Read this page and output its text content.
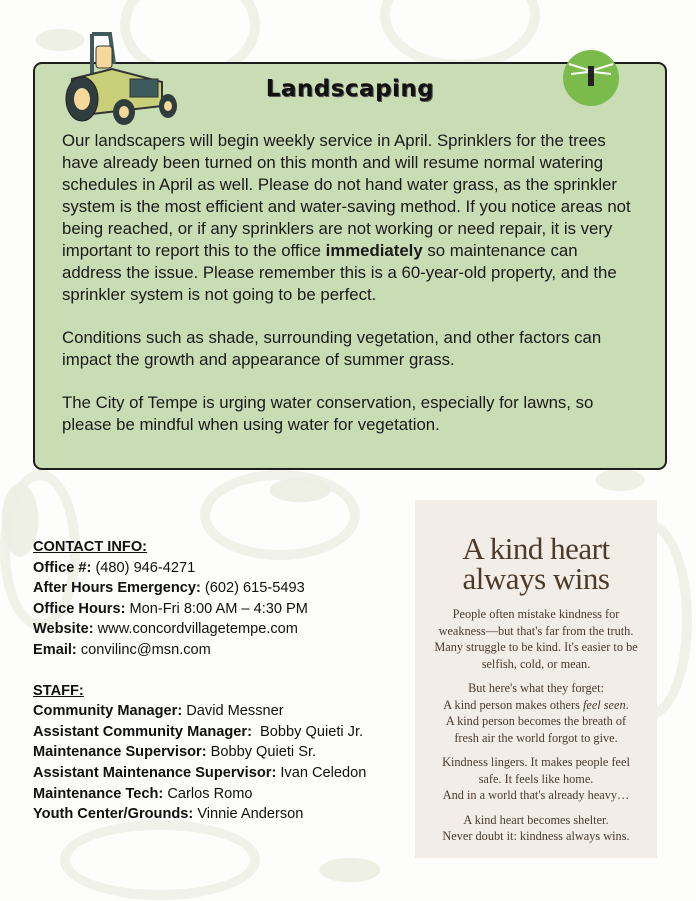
Landscaping

Our landscapers will begin weekly service in April. Sprinklers for the trees have already been turned on this month and will resume normal watering schedules in April as well. Please do not hand water grass, as the sprinkler system is the most efficient and water-saving method. If you notice areas not being reached, or if any sprinklers are not working or need repair, it is very important to report this to the office immediately so maintenance can address the issue. Please remember this is a 60-year-old property, and the sprinkler system is not going to be perfect.

Conditions such as shade, surrounding vegetation, and other factors can impact the growth and appearance of summer grass.

The City of Tempe is urging water conservation, especially for lawns, so please be mindful when using water for vegetation.

CONTACT INFO:
Office #: (480) 946-4271
After Hours Emergency: (602) 615-5493
Office Hours: Mon-Fri 8:00 AM – 4:30 PM
Website: www.concordvillagetempe.com
Email: convilinc@msn.com
STAFF:
Community Manager: David Messner
Assistant Community Manager:  Bobby Quieti Jr.
Maintenance Supervisor: Bobby Quieti Sr.
Assistant Maintenance Supervisor: Ivan Celedon
Maintenance Tech: Carlos Romo
Youth Center/Grounds: Vinnie Anderson
A kind heart
always wins
People often mistake kindness for
weakness—but that's far from the truth.
Many struggle to be kind. It's easier to be
selfish, cold, or mean.
But here's what they forget:
A kind person makes others feel seen.
A kind person becomes the breath of
fresh air the world forgot to give.
Kindness lingers. It makes people feel
safe. It feels like home.
And in a world that's already heavy…
A kind heart becomes shelter.
Never doubt it: kindness always wins.
